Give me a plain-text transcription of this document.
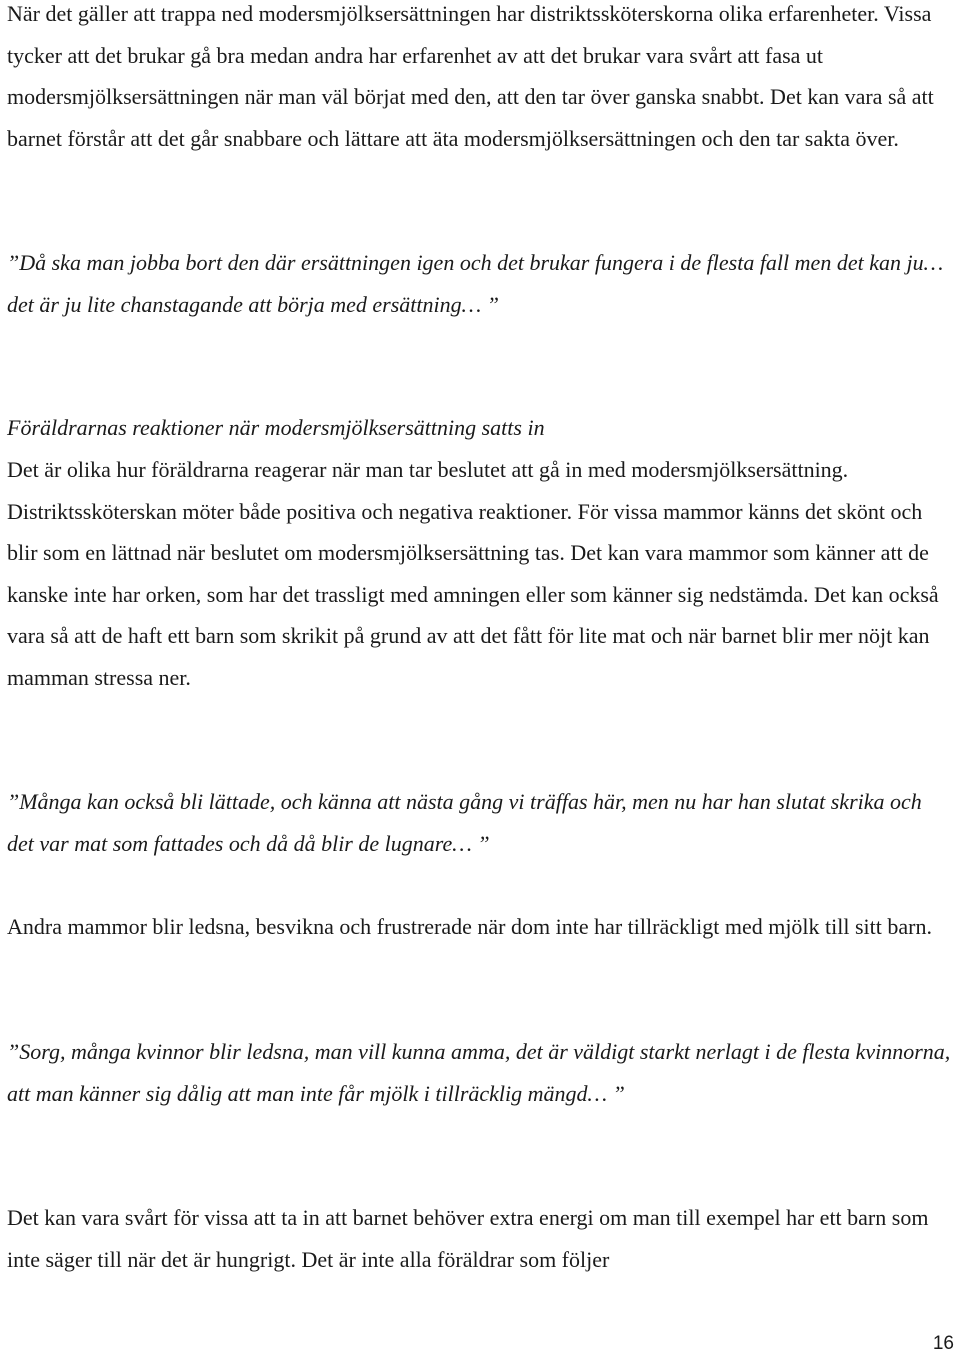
När det gäller att trappa ned modersmjölksersättningen har distriktssköterskorna olika erfarenheter. Vissa tycker att det brukar gå bra medan andra har erfarenhet av att det brukar vara svårt att fasa ut modersmjölksersättningen när man väl börjat med den, att den tar över ganska snabbt. Det kan vara så att barnet förstår att det går snabbare och lättare att äta modersmjölksersättningen och den tar sakta över.

”Då ska man jobba bort den där ersättningen igen och det brukar fungera i de flesta fall men det kan ju…det är ju lite chanstagande att börja med ersättning… ”

Föräldrarnas reaktioner när modersmjölksersättning satts in

Det är olika hur föräldrarna reagerar när man tar beslutet att gå in med modersmjölksersättning. Distriktssköterskan möter både positiva och negativa reaktioner. För vissa mammor känns det skönt och blir som en lättnad när beslutet om modersmjölksersättning tas. Det kan vara mammor som känner att de kanske inte har orken, som har det trassligt med amningen eller som känner sig nedstämda. Det kan också vara så att de haft ett barn som skrikit på grund av att det fått för lite mat och när barnet blir mer nöjt kan mamman stressa ner.

”Många kan också bli lättade, och känna att nästa gång vi träffas här, men nu har han slutat skrika och det var mat som fattades och då då blir de lugnare… ”

Andra mammor blir ledsna, besvikna och frustrerade när dom inte har tillräckligt med mjölk till sitt barn.

”Sorg, många kvinnor blir ledsna, man vill kunna amma, det är väldigt starkt nerlagt i de flesta kvinnorna, att man känner sig dålig att man inte får mjölk i tillräcklig mängd… ”

Det kan vara svårt för vissa att ta in att barnet behöver extra energi om man till exempel har ett barn som inte säger till när det är hungrigt. Det är inte alla föräldrar som följer

16
